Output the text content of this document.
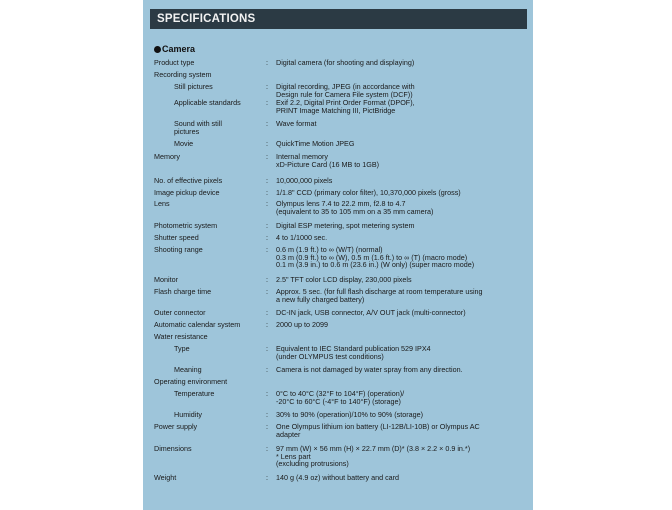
SPECIFICATIONS
Camera
Product type	: Digital camera (for shooting and displaying)
Recording system
Still pictures	: Digital recording, JPEG (in accordance with
Design rule for Camera File system (DCF))
Applicable standards	: Exif 2.2, Digital Print Order Format (DPOF),
PRINT Image Matching III, PictBridge
Sound with still
pictures
: Wave format
Movie	: QuickTime Motion JPEG
Memory	: Internal memory
xD-Picture Card (16 MB to 1GB)
No. of effective pixels	: 10,000,000 pixels
Image pickup device	: 1/1.8" CCD (primary color filter), 10,370,000 pixels (gross)
Lens	: Olympus lens 7.4 to 22.2 mm, f2.8 to 4.7
(equivalent to 35 to 105 mm on a 35 mm camera)
Photometric system	: Digital ESP metering, spot metering system
Shutter speed	: 4 to 1/1000 sec.
Shooting range	: 0.6 m (1.9 ft.) to ∞ (W/T) (normal)
0.3 m (0.9 ft.) to ∞ (W), 0.5 m (1.6 ft.) to ∞ (T) (macro mode)
0.1 m (3.9 in.) to 0.6 m (23.6 in.) (W only) (super macro mode)
Monitor	: 2.5" TFT color LCD display, 230,000 pixels
Flash charge time	: Approx. 5 sec. (for full flash discharge at room temperature using
a new fully charged battery)
Outer connector	: DC-IN jack, USB connector, A/V OUT jack (multi-connector)
Automatic calendar system	: 2000 up to 2099
Water resistance
Type	: Equivalent to IEC Standard publication 529 IPX4
(under OLYMPUS test conditions)
Meaning	: Camera is not damaged by water spray from any direction.
Operating environment
Temperature	: 0°C to 40°C (32°F to 104°F) (operation)/
-20°C to 60°C (-4°F to 140°F) (storage)
Humidity	: 30% to 90% (operation)/10% to 90% (storage)
Power supply	: One Olympus lithium ion battery (LI-12B/LI-10B) or Olympus AC
adapter
Dimensions	: 97 mm (W) × 56 mm (H) × 22.7 mm (D)* (3.8 × 2.2 × 0.9 in.*)
* Lens part
(excluding protrusions)
Weight	: 140 g (4.9 oz) without battery and card
